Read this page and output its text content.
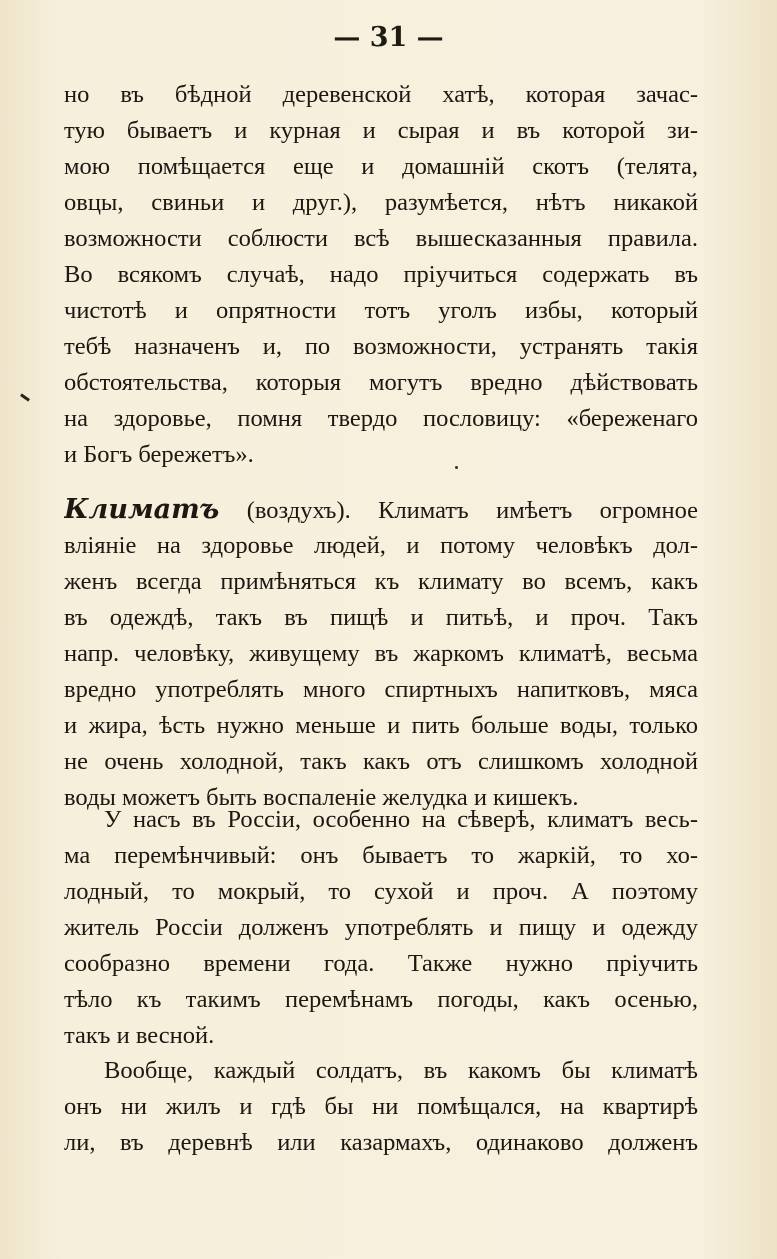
— 31 —
но въ бѣдной деревенской хатѣ, которая зачас-
тую бываетъ и курная и сырая и въ которой зи-
мою помѣщается еще и домашній скотъ (телята,
овцы, свиньи и друг.), разумѣется, нѣтъ никакой
возможности соблюсти всѣ вышесказанныя правила.
Во всякомъ случаѣ, надо пріучиться содержать въ
чистотѣ и опрятности тотъ уголъ избы, который
тебѣ назначенъ и, по возможности, устранять такія
обстоятельства, которыя могутъ вредно дѣйствовать
на здоровье, помня твердо пословицу: «береженаго
и Богъ бережетъ».
Климатъ (воздухъ). Климатъ имѣетъ огромное
вліяніе на здоровье людей, и потому человѣкъ дол-
женъ всегда примѣняться къ климату во всемъ, какъ
въ одеждѣ, такъ въ пищѣ и питьѣ, и проч. Такъ
напр. человѣку, живущему въ жаркомъ климатѣ, весьма
вредно употреблять много спиртныхъ напитковъ, мяса
и жира, ѣсть нужно меньше и пить больше воды, только
не очень холодной, такъ какъ отъ слишкомъ холодной
воды можетъ быть воспаленіе желудка и кишекъ.
У насъ въ Россіи, особенно на сѣверѣ, климатъ весь-
ма перемѣнчивый: онъ бываетъ то жаркій, то хо-
лодный, то мокрый, то сухой и проч. А поэтому
житель Россіи долженъ употреблять и пищу и одежду
сообразно времени года. Также нужно пріучить
тѣло къ такимъ перемѣнамъ погоды, какъ осенью,
такъ и весной.
Вообще, каждый солдатъ, въ какомъ бы климатѣ
онъ ни жилъ и гдѣ бы ни помѣщался, на квартирѣ
ли, въ деревнѣ или казармахъ, одинаково долженъ
